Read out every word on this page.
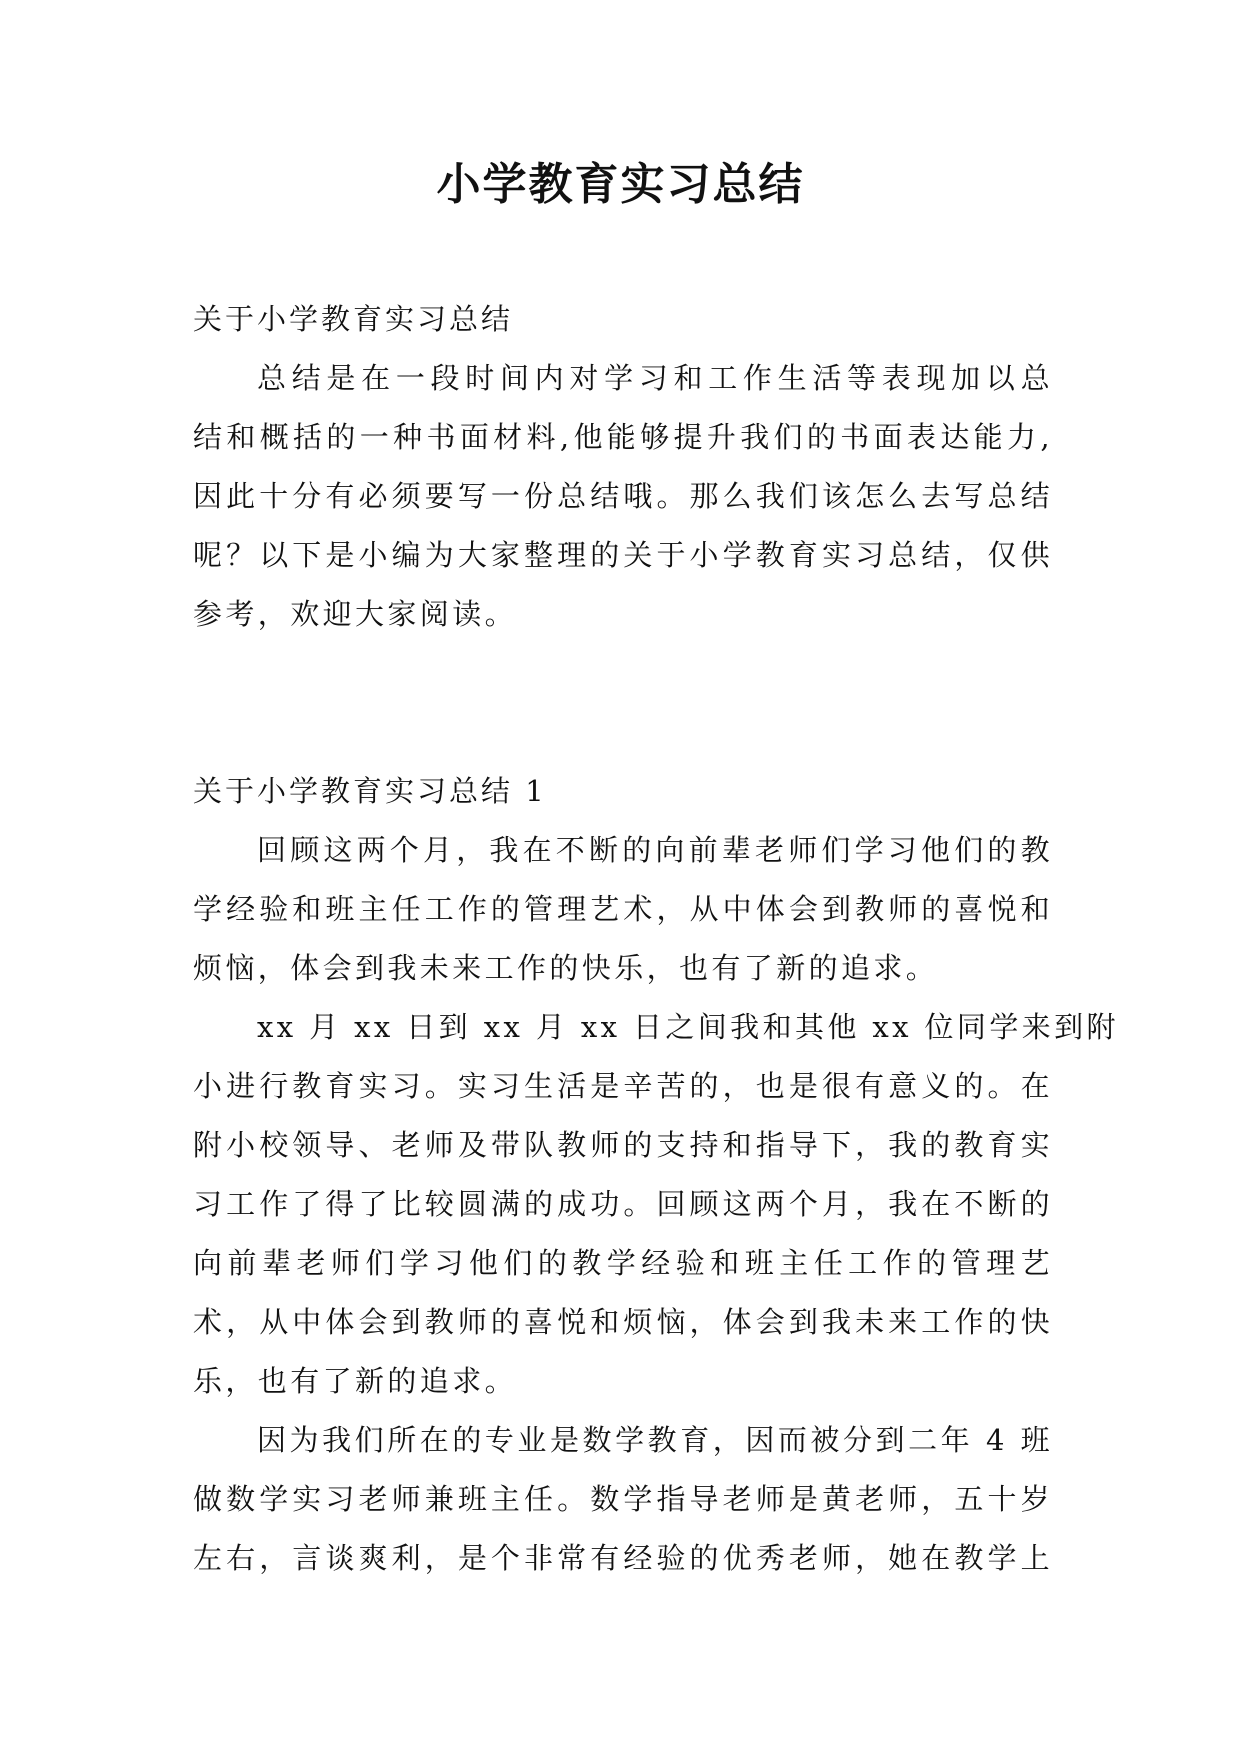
小学教育实习总结

关于小学教育实习总结

总结是在一段时间内对学习和工作生活等表现加以总

结和概括的一种书面材料,他能够提升我们的书面表达能力,

因此十分有必须要写一份总结哦。那么我们该怎么去写总结

呢？以下是小编为大家整理的关于小学教育实习总结，仅供

参考，欢迎大家阅读。

关于小学教育实习总结 1

回顾这两个月，我在不断的向前辈老师们学习他们的教

学经验和班主任工作的管理艺术，从中体会到教师的喜悦和

烦恼，体会到我未来工作的快乐，也有了新的追求。

xx 月 xx 日到 xx 月 xx 日之间我和其他 xx 位同学来到附

小进行教育实习。实习生活是辛苦的，也是很有意义的。在

附小校领导、老师及带队教师的支持和指导下，我的教育实

习工作了得了比较圆满的成功。回顾这两个月，我在不断的

向前辈老师们学习他们的教学经验和班主任工作的管理艺

术，从中体会到教师的喜悦和烦恼，体会到我未来工作的快

乐，也有了新的追求。

因为我们所在的专业是数学教育，因而被分到二年 4 班

做数学实习老师兼班主任。数学指导老师是黄老师，五十岁

左右，言谈爽利，是个非常有经验的优秀老师，她在教学上
